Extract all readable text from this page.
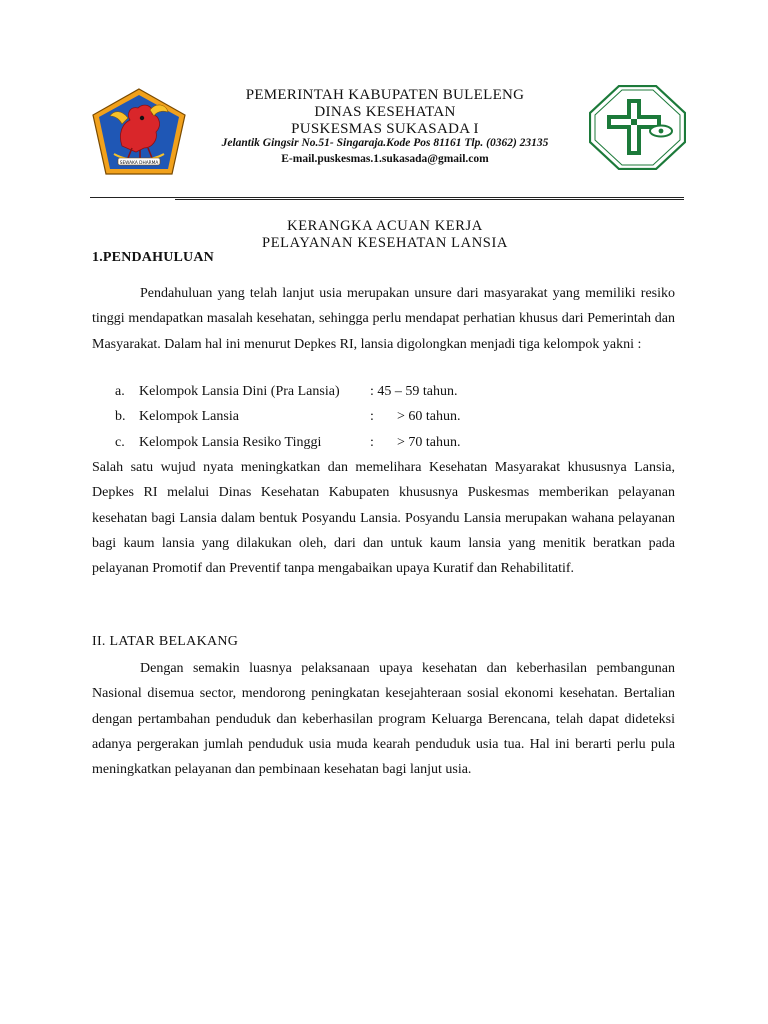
SEWAKA DHARMA
PEMERINTAH KABUPATEN BULELENG
DINAS KESEHATAN
PUSKESMAS SUKASADA I
Jelantik Gingsir No.51- Singaraja.Kode Pos 81161 Tlp. (0362) 23135
E-mail.puskesmas.1.sukasada@gmail.com
KERANGKA ACUAN KERJA
PELAYANAN KESEHATAN LANSIA
1.PENDAHULUAN
Pendahuluan yang telah lanjut usia merupakan unsure dari masyarakat yang memiliki resiko tinggi mendapatkan masalah kesehatan, sehingga perlu mendapat perhatian khusus dari Pemerintah dan Masyarakat. Dalam hal ini menurut Depkes RI, lansia digolongkan menjadi tiga kelompok yakni :
a. Kelompok Lansia Dini (Pra Lansia) : 45 – 59 tahun.
b. Kelompok Lansia	: > 60 tahun.
c. Kelompok Lansia Resiko Tinggi	: > 70 tahun.
Salah satu wujud nyata meningkatkan dan memelihara Kesehatan Masyarakat khususnya Lansia, Depkes RI melalui Dinas Kesehatan Kabupaten khususnya Puskesmas memberikan pelayanan kesehatan bagi Lansia dalam bentuk Posyandu Lansia. Posyandu Lansia merupakan wahana pelayanan bagi kaum lansia yang dilakukan oleh, dari dan untuk kaum lansia yang menitik beratkan pada pelayanan Promotif dan Preventif tanpa mengabaikan upaya Kuratif dan Rehabilitatif.
II. LATAR BELAKANG
Dengan semakin luasnya pelaksanaan upaya kesehatan dan keberhasilan pembangunan Nasional disemua sector, mendorong peningkatan kesejahteraan sosial ekonomi kesehatan. Bertalian dengan pertambahan penduduk dan keberhasilan program Keluarga Berencana, telah dapat dideteksi adanya pergerakan jumlah penduduk usia muda kearah penduduk usia tua. Hal ini berarti perlu pula meningkatkan pelayanan dan pembinaan kesehatan bagi lanjut usia.
